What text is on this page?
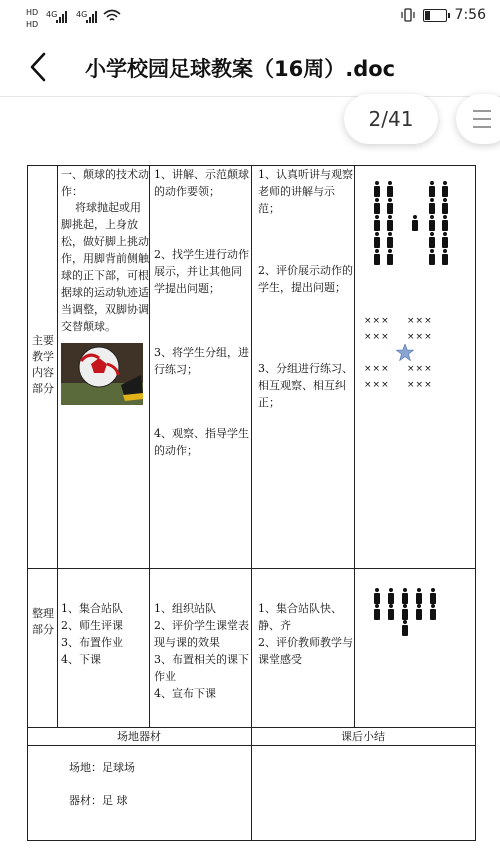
HD
HD
4G 4G	7:56
小学校园足球教案（16周）.doc
2/41
主要
教学
内容
部分
一、颠球的技术动作：
将球抛起或用脚挑起，上身放松，做好脚上挑动作，用脚背前侧触球的正下部，可根据球的运动轨迹适当调整，双脚协调交替颠球。
1、讲解、示范颠球的动作要领；
2、找学生进行动作展示，并让其他同学提出问题；
3、将学生分组，进行练习；
4、观察、指导学生的动作；
1、认真听讲与观察老师的讲解与示范；
2、评价展示动作的学生，提出问题；
3、分组进行练习、相互观察、相互纠正；
××× ×××
××× ×××
××× ×××
××× ×××
整理
部分
1、集合站队
2、师生评课
3、布置作业
4、下课
1、组织站队
2、评价学生课堂表现与课的效果
3、布置相关的课下作业
4、宣布下课
1、集合站队快、静、齐
2、评价教师教学与课堂感受
场地器材	课后小结
场地：足球场
器材：足 球
